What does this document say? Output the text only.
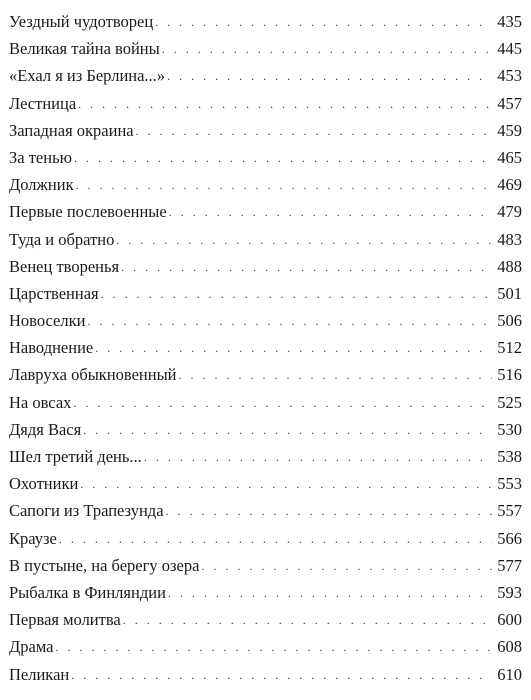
Уездный чудотворец . . .	435
Великая тайна войны . . .	445
«Ехал я из Берлина...» . . .	453
Лестница . . .	457
Западная окраина . . .	459
За тенью . . .	465
Должник . . .	469
Первые послевоенные . . .	479
Туда и обратно . . .	483
Венец творенья . . .	488
Царственная . . .	501
Новоселки . . .	506
Наводнение . . .	512
Лавруха обыкновенный . . .	516
На овсах . . .	525
Дядя Вася . . .	530
Шел третий день... . . .	538
Охотники . . .	553
Сапоги из Трапезунда . . .	557
Краузе . . .	566
В пустыне, на берегу озера . . .	577
Рыбалка в Финляндии . . .	593
Первая молитва . . .	600
Драма . . .	608
Пеликан . . .	610
